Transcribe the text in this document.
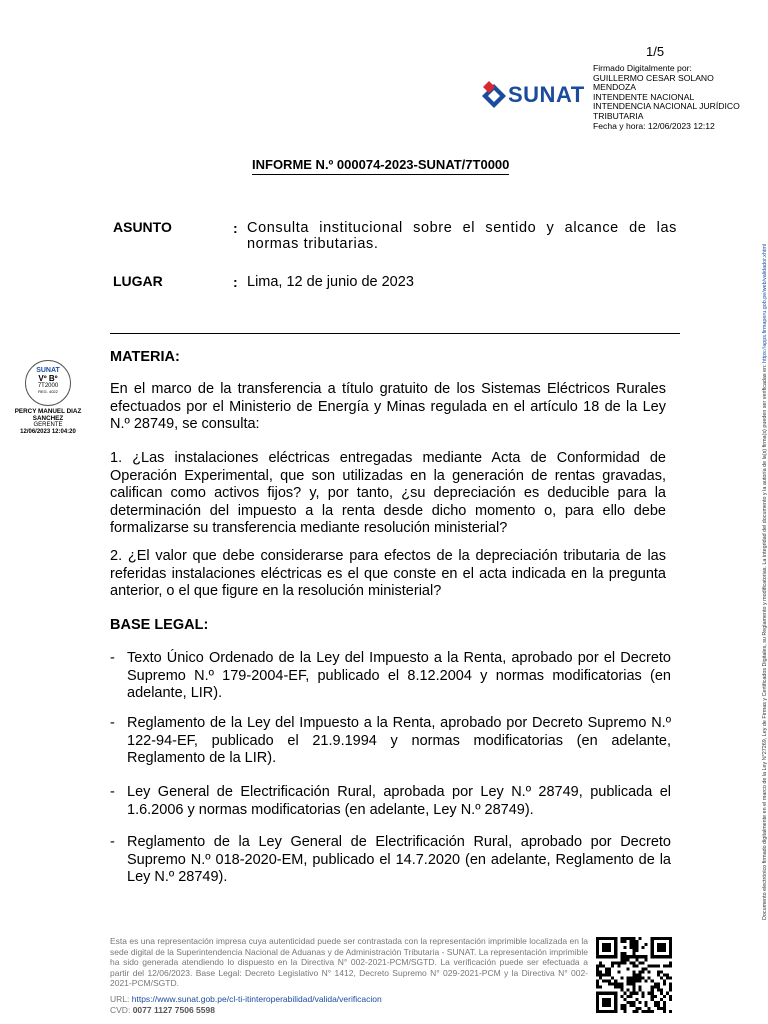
1/5
SUNAT
Firmado Digitalmente por:
GUILLERMO CESAR SOLANO
MENDOZA
INTENDENTE NACIONAL
INTENDENCIA NACIONAL JURÍDICO
TRIBUTARIA
Fecha y hora: 12/06/2023 12:12
Documento electrónico firmado digitalmente en el marco de la Ley N°27269, Ley de Firmas y Certificados Digitales, su Reglamento y modificatorias. La integridad del documento y la autoría de la(s) firma(s) pueden ser verificadas en: https://apps.firmaperu.gob.pe/web/validador.xhtml
INFORME N.º 000074-2023-SUNAT/7T0000
ASUNTO	: Consulta institucional sobre el sentido y alcance de las normas tributarias.
LUGAR	: Lima, 12 de junio de 2023
MATERIA:
En el marco de la transferencia a título gratuito de los Sistemas Eléctricos Rurales efectuados por el Ministerio de Energía y Minas regulada en el artículo 18 de la Ley N.º 28749, se consulta:
1. ¿Las instalaciones eléctricas entregadas mediante Acta de Conformidad de Operación Experimental, que son utilizadas en la generación de rentas gravadas, califican como activos fijos? y, por tanto, ¿su depreciación es deducible para la determinación del impuesto a la renta desde dicho momento o, para ello debe formalizarse su transferencia mediante resolución ministerial?
2. ¿El valor que debe considerarse para efectos de la depreciación tributaria de las referidas instalaciones eléctricas es el que conste en el acta indicada en la pregunta anterior, o el que figure en la resolución ministerial?
BASE LEGAL:
- Texto Único Ordenado de la Ley del Impuesto a la Renta, aprobado por el Decreto Supremo N.º 179-2004-EF, publicado el 8.12.2004 y normas modificatorias (en adelante, LIR).
- Reglamento de la Ley del Impuesto a la Renta, aprobado por Decreto Supremo N.º 122-94-EF, publicado el 21.9.1994 y normas modificatorias (en adelante, Reglamento de la LIR).
- Ley General de Electrificación Rural, aprobada por Ley N.º 28749, publicada el 1.6.2006 y normas modificatorias (en adelante, Ley N.º 28749).
- Reglamento de la Ley General de Electrificación Rural, aprobado por Decreto Supremo N.º 018-2020-EM, publicado el 14.7.2020 (en adelante, Reglamento de la Ley N.º 28749).
SUNAT
Vº Bº
7T2000
REG. 4022
PERCY MANUEL DIAZ SANCHEZ
GERENTE
12/06/2023 12:04:20
Esta es una representación impresa cuya autenticidad puede ser contrastada con la representación imprimible localizada en la sede digital de la Superintendencia Nacional de Aduanas y de Administración Tributaria - SUNAT. La representación imprimible ha sido generada atendiendo lo dispuesto en la Directiva N° 002-2021-PCM/SGTD. La verificación puede ser efectuada a partir del 12/06/2023. Base Legal: Decreto Legislativo N° 1412, Decreto Supremo N° 029-2021-PCM y la Directiva N° 002- 2021-PCM/SGTD.
URL: https://www.sunat.gob.pe/cl-ti-itinteroperabilidad/valida/verificacion
CVD: 0077 1127 7506 5598
